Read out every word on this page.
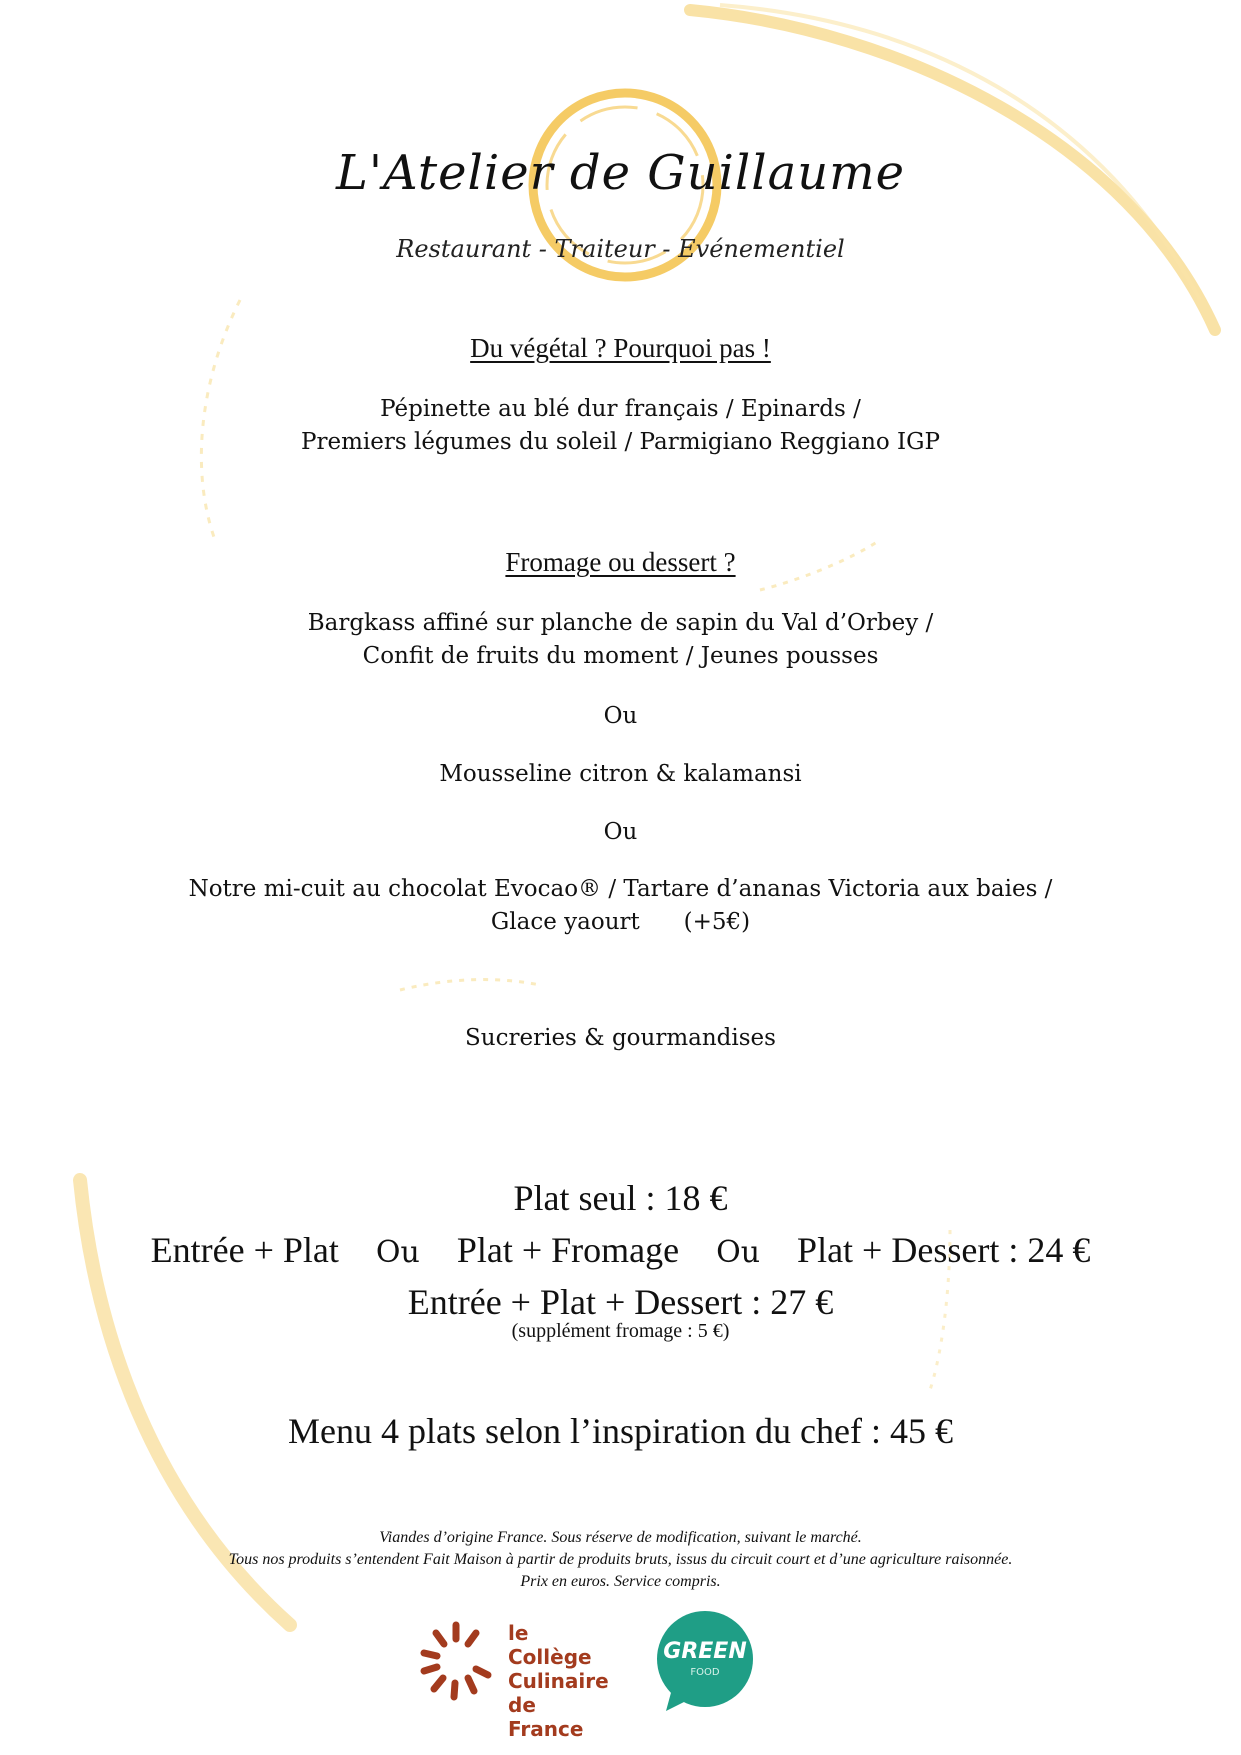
L'Atelier de Guillaume
Restaurant - Traiteur - Evénementiel
Du végétal ? Pourquoi pas !
Pépinette au blé dur français / Epinards /
Premiers légumes du soleil / Parmigiano Reggiano IGP
Fromage ou dessert ?
Bargkass affiné sur planche de sapin du Val d’Orbey /
Confit de fruits du moment / Jeunes pousses
Ou
Mousseline citron & kalamansi
Ou
Notre mi-cuit au chocolat Evocao® / Tartare d’ananas Victoria aux baies /
Glace yaourt      (+5€)
Sucreries & gourmandises
Plat seul : 18 €
Entrée + Plat Ou Plat + Fromage Ou Plat + Dessert : 24 €
Entrée + Plat + Dessert : 27 €
(supplément fromage : 5 €)
Menu 4 plats selon l’inspiration du chef : 45 €
Viandes d’origine France. Sous réserve de modification, suivant le marché.
Tous nos produits s’entendent Fait Maison à partir de produits bruts, issus du circuit court et d’une agriculture raisonnée.
Prix en euros. Service compris.
le Collège
Culinaire
de France
GREEN
FOOD
